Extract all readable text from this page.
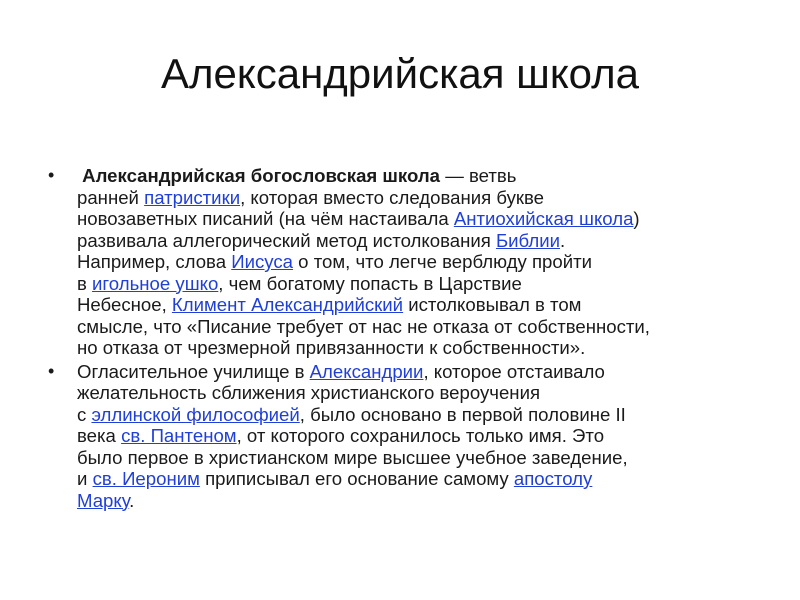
Александрийская школа
• Александрийская богословская школа — ветвь
ранней патристики, которая вместо следования букве
новозаветных писаний (на чём настаивала Антиохийская школа)
развивала аллегорический метод истолкования Библии.
Например, слова Иисуса о том, что легче верблюду пройти
в игольное ушко, чем богатому попасть в Царствие
Небесное, Климент Александрийский истолковывал в том
смысле, что «Писание требует от нас не отказа от собственности,
но отказа от чрезмерной привязанности к собственности».
• Огласительное училище в Александрии, которое отстаивало
желательность сближения христианского вероучения
с эллинской философией, было основано в первой половине II
века св. Пантеном, от которого сохранилось только имя. Это
было первое в христианском мире высшее учебное заведение,
и св. Иероним приписывал его основание самому апостолу
Марку.
